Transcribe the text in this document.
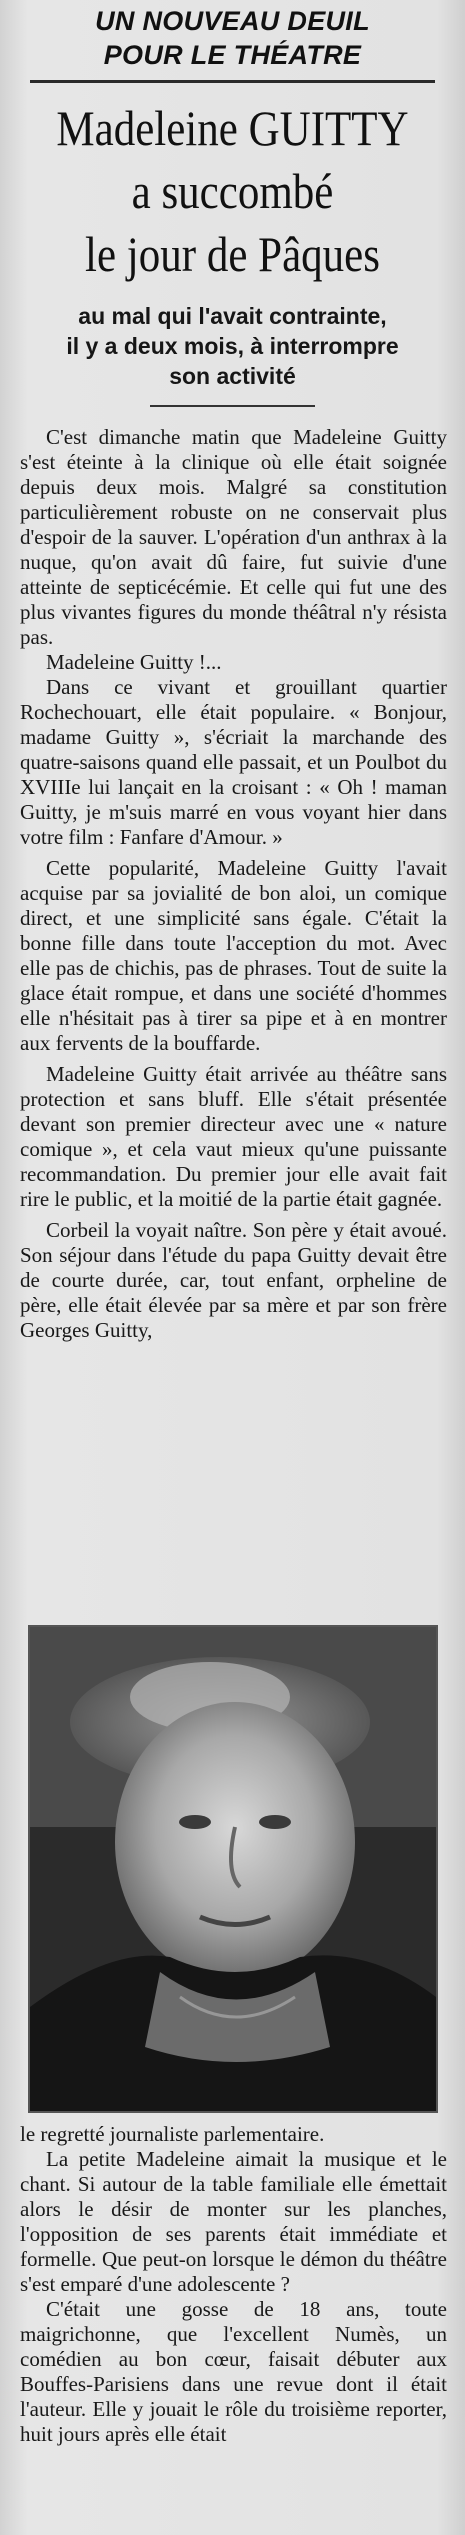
UN NOUVEAU DEUIL
POUR LE THÉATRE
Madeleine GUITTY
a succombé
le jour de Pâques
au mal qui l'avait contrainte,
il y a deux mois, à interrompre
son activité

C'est dimanche matin que Madeleine Guitty s'est éteinte à la clinique où elle était soignée depuis deux mois. Malgré sa constitution particulièrement robuste on ne conservait plus d'espoir de la sauver. L'opération d'un anthrax à la nuque, qu'on avait dû faire, fut suivie d'une atteinte de septicécémie. Et celle qui fut une des plus vivantes figures du monde théâtral n'y résista pas.

Madeleine Guitty !...

Dans ce vivant et grouillant quartier Rochechouart, elle était populaire. « Bonjour, madame Guitty », s'écriait la marchande des quatre-saisons quand elle passait, et un Poulbot du XVIIIe lui lançait en la croisant : « Oh ! maman Guitty, je m'suis marré en vous voyant hier dans votre film : Fanfare d'Amour. »

Cette popularité, Madeleine Guitty l'avait acquise par sa jovialité de bon aloi, un comique direct, et une simplicité sans égale. C'était la bonne fille dans toute l'acception du mot. Avec elle pas de chichis, pas de phrases. Tout de suite la glace était rompue, et dans une société d'hommes elle n'hésitait pas à tirer sa pipe et à en montrer aux fervents de la bouffarde.

Madeleine Guitty était arrivée au théâtre sans protection et sans bluff. Elle s'était présentée devant son premier directeur avec une « nature comique », et cela vaut mieux qu'une puissante recommandation. Du premier jour elle avait fait rire le public, et la moitié de la partie était gagnée.

Corbeil la voyait naître. Son père y était avoué. Son séjour dans l'étude du papa Guitty devait être de courte durée, car, tout enfant, orpheline de père, elle était élevée par sa mère et par son frère Georges Guitty,

le regretté journaliste parlementaire.

La petite Madeleine aimait la musique et le chant. Si autour de la table familiale elle émettait alors le désir de monter sur les planches, l'opposition de ses parents était immédiate et formelle. Que peut-on lorsque le démon du théâtre s'est emparé d'une adolescente ?

C'était une gosse de 18 ans, toute maigrichonne, que l'excellent Numès, un comédien au bon cœur, faisait débuter aux Bouffes-Parisiens dans une revue dont il était l'auteur. Elle y jouait le rôle du troisième reporter, huit jours après elle était
